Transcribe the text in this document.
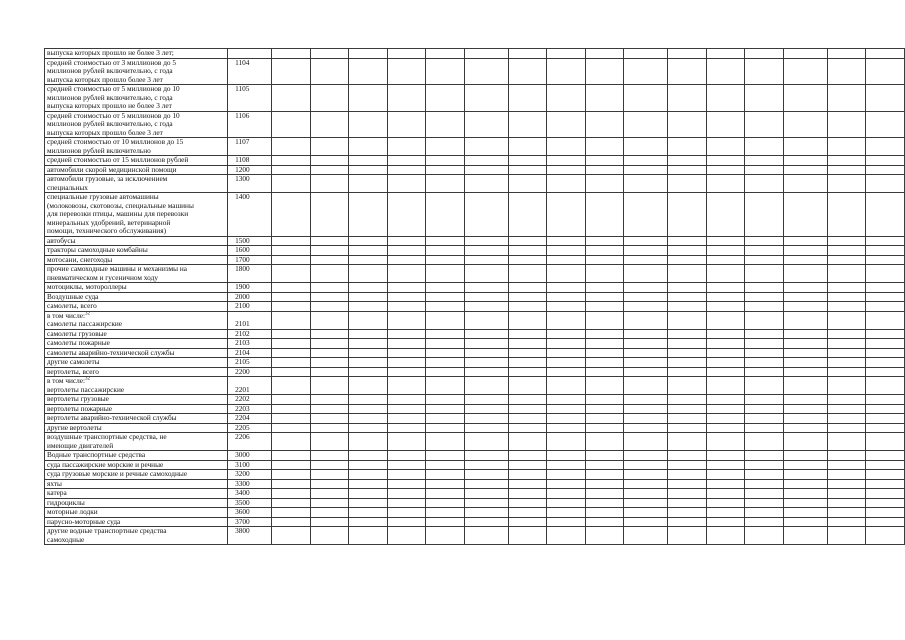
выпуска которых прошло не более 3 лет;																	

средней стоимостью от 3 миллионов до 5
миллионов рублей включительно, с года
выпуска которых прошло более 3 лет	1104																

средней стоимостью от 5 миллионов до 10
миллионов рублей включительно, с года
выпуска которых прошло не более 3 лет	1105																

средней стоимостью от 5 миллионов до 10
миллионов рублей включительно, с года
выпуска которых прошло более 3 лет	1106																

средней стоимостью от 10 миллионов до 15
миллионов рублей включительно	1107																

средней стоимостью от 15 миллионов рублей	1108																

автомобили скорой медицинской помощи	1200																

автомобили грузовые, за исключением
специальных	1300																

специальные грузовые автомашины
(молоковозы, скотовозы, специальные машины
для перевозки птицы, машины для перевозки
минеральных удобрений, ветеринарной
помощи, технического обслуживания)	1400																

автобусы	1500																

тракторы самоходные комбайны	1600																

мотосани, снегоходы	1700																

прочие самоходные машины и механизмы на
пневматическом и гусеничном ходу	1800																

мотоциклы, мотороллеры	1900																

Воздушные суда	2000																

самолеты, всего	2100																

в том числе:$^{32}$
самолеты пассажирские	2101																

самолеты грузовые	2102																

самолеты пожарные	2103																

самолеты аварийно-технической службы	2104																

другие самолеты	2105																

вертолеты, всего	2200																

в том числе:$^{32}$
вертолеты пассажирские	2201																

вертолеты грузовые	2202																

вертолеты пожарные	2203																

вертолеты аварийно-технической службы	2204																

другие вертолеты	2205																

воздушные транспортные средства, не
имеющие двигателей	2206																

Водные транспортные средства	3000																

суда пассажирские морские и речные	3100																

суда грузовые морские и речные самоходные	3200																

яхты	3300																

катера	3400																

гидроциклы	3500																

моторные лодки	3600																

парусно-моторные суда	3700																

другие водные транспортные средства
самоходные	3800																
